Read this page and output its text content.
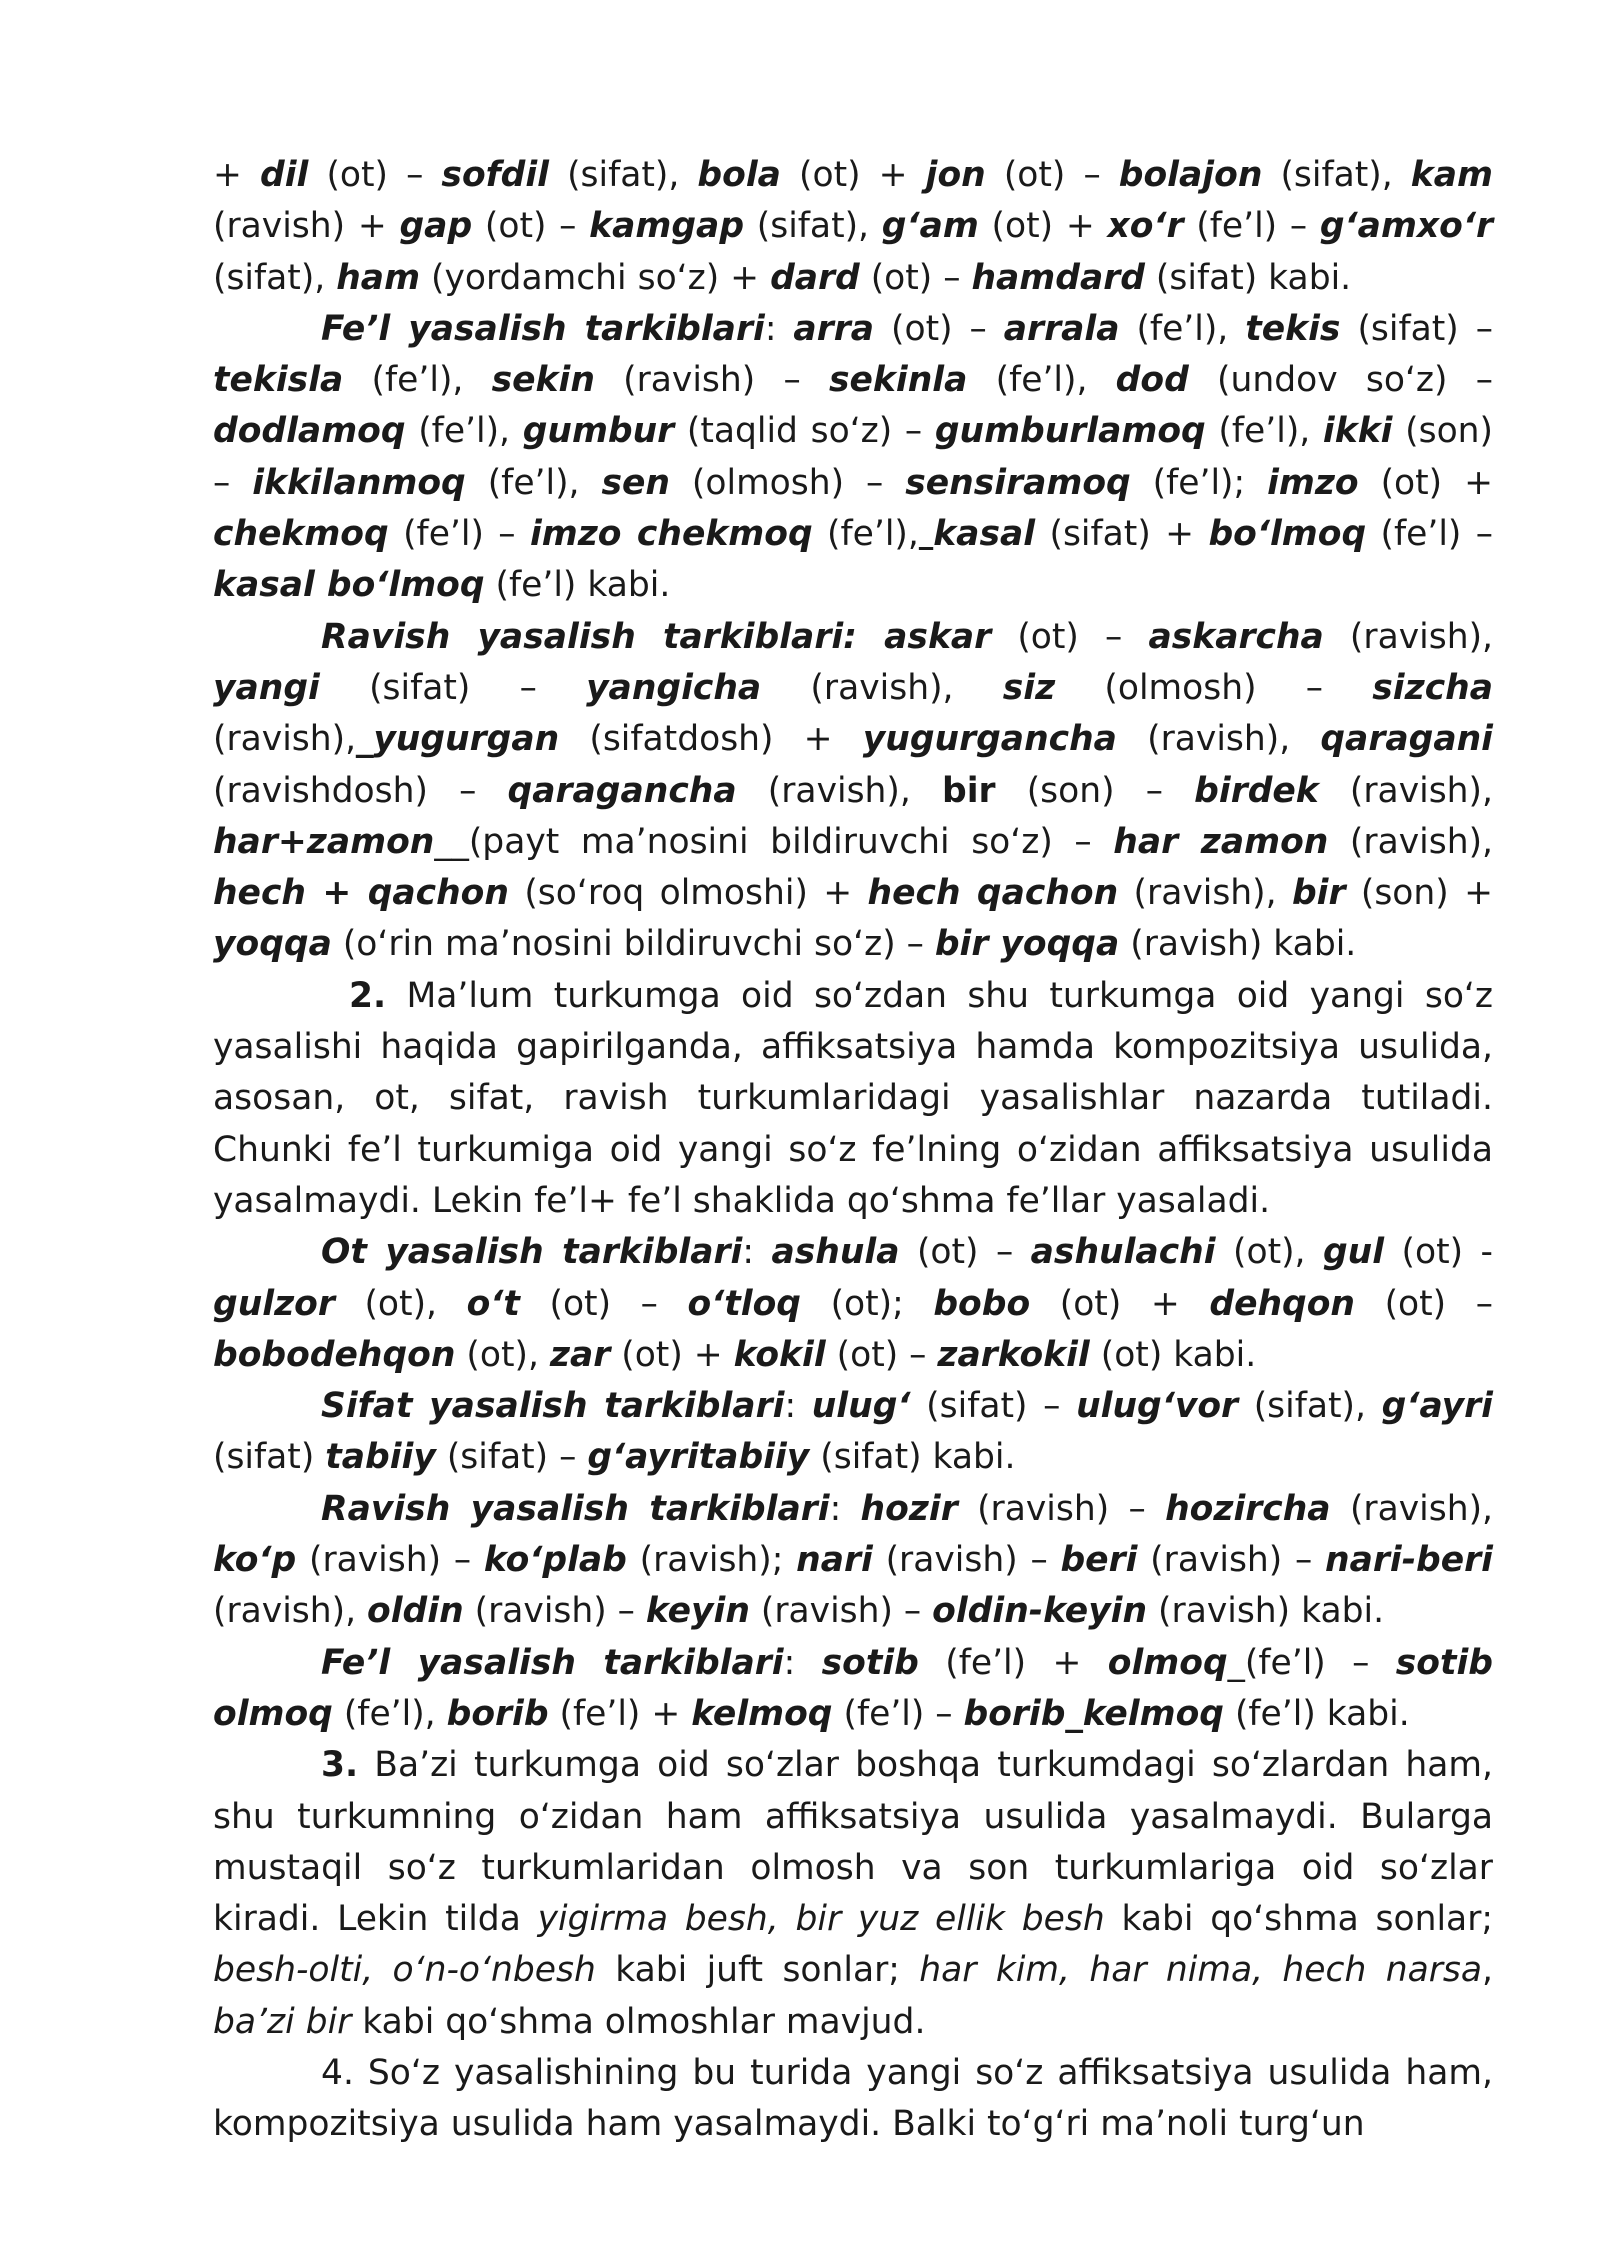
+ dil (ot) – sofdil (sifat), bola (ot) + jon (ot) – bolajon (sifat), kam (ravish) + gap (ot) – kamgap (sifat), g‘am (ot) + xo‘r (fe’l) – g‘amxo‘r (sifat), ham (yordamchi so‘z) + dard (ot) – hamdard (sifat) kabi.

Fe’l yasalish tarkiblari: arra (ot) – arrala (fe’l), tekis (sifat) – tekisla (fe’l), sekin (ravish) – sekinla (fe’l), dod (undov so‘z) – dodlamoq (fe’l), gumbur (taqlid so‘z) – gumburlamoq (fe’l), ikki (son) – ikkilanmoq (fe’l), sen (olmosh) – sensiramoq (fe’l); imzo (ot) + chekmoq (fe’l) – imzo chekmoq (fe’l), kasal (sifat) + bo‘lmoq (fe’l) – kasal bo‘lmoq (fe’l) kabi.

Ravish yasalish tarkiblari: askar (ot) – askarcha (ravish), yangi (sifat) – yangicha (ravish), siz (olmosh) – sizcha (ravish),_yugurgan (sifatdosh) + yugurgancha (ravish), qaragani (ravishdosh) – qaragancha (ravish), bir (son) – birdek (ravish), har+zamon__(payt ma’nosini bildiruvchi so‘z) – har zamon (ravish), hech + qachon (so‘roq olmoshi) + hech qachon (ravish), bir (son) + yoqqa (o‘rin ma’nosini bildiruvchi so‘z) – bir yoqqa (ravish) kabi.

2. Ma’lum turkumga oid so‘zdan shu turkumga oid yangi so‘z yasalishi haqida gapirilganda, affiksatsiya hamda kompozitsiya usulida, asosan, ot, sifat, ravish turkumlaridagi yasalishlar nazarda tutiladi. Chunki fe’l turkumiga oid yangi so‘z fe’lning o‘zidan affiksatsiya usulida yasalmaydi. Lekin fe’l+ fe’l shaklida qo‘shma fe’llar yasaladi.

Ot yasalish tarkiblari: ashula (ot) – ashulachi (ot), gul (ot) - gulzor (ot), o‘t (ot) – o‘tloq (ot); bobo (ot) + dehqon (ot) – bobodehqon (ot), zar (ot) + kokil (ot) – zarkokil (ot) kabi.

Sifat yasalish tarkiblari: ulug‘ (sifat) – ulug‘vor (sifat), g‘ayri (sifat) tabiiy (sifat) – g‘ayritabiiy (sifat) kabi.

Ravish yasalish tarkiblari: hozir (ravish) – hozircha (ravish), ko‘p (ravish) – ko‘plab (ravish); nari (ravish) – beri (ravish) – nari-beri (ravish), oldin (ravish) – keyin (ravish) – oldin-keyin (ravish) kabi.

Fe’l yasalish tarkiblari: sotib (fe’l) + olmoq_(fe’l) – sotib olmoq (fe’l), borib (fe’l) + kelmoq (fe’l) – borib_kelmoq (fe’l) kabi.

3. Ba’zi turkumga oid so‘zlar boshqa turkumdagi so‘zlardan ham, shu turkumning o‘zidan ham affiksatsiya usulida yasalmaydi. Bularga mustaqil so‘z turkumlaridan olmosh va son turkumlariga oid so‘zlar kiradi. Lekin tilda yigirma besh, bir yuz ellik besh kabi qo‘shma sonlar; besh-olti, o‘n-o‘nbesh kabi juft sonlar; har kim, har nima, hech narsa, ba’zi bir kabi qo‘shma olmoshlar mavjud.

4. So‘z yasalishining bu turida yangi so‘z affiksatsiya usulida ham, kompozitsiya usulida ham yasalmaydi. Balki to‘g‘ri ma’noli turg‘un
